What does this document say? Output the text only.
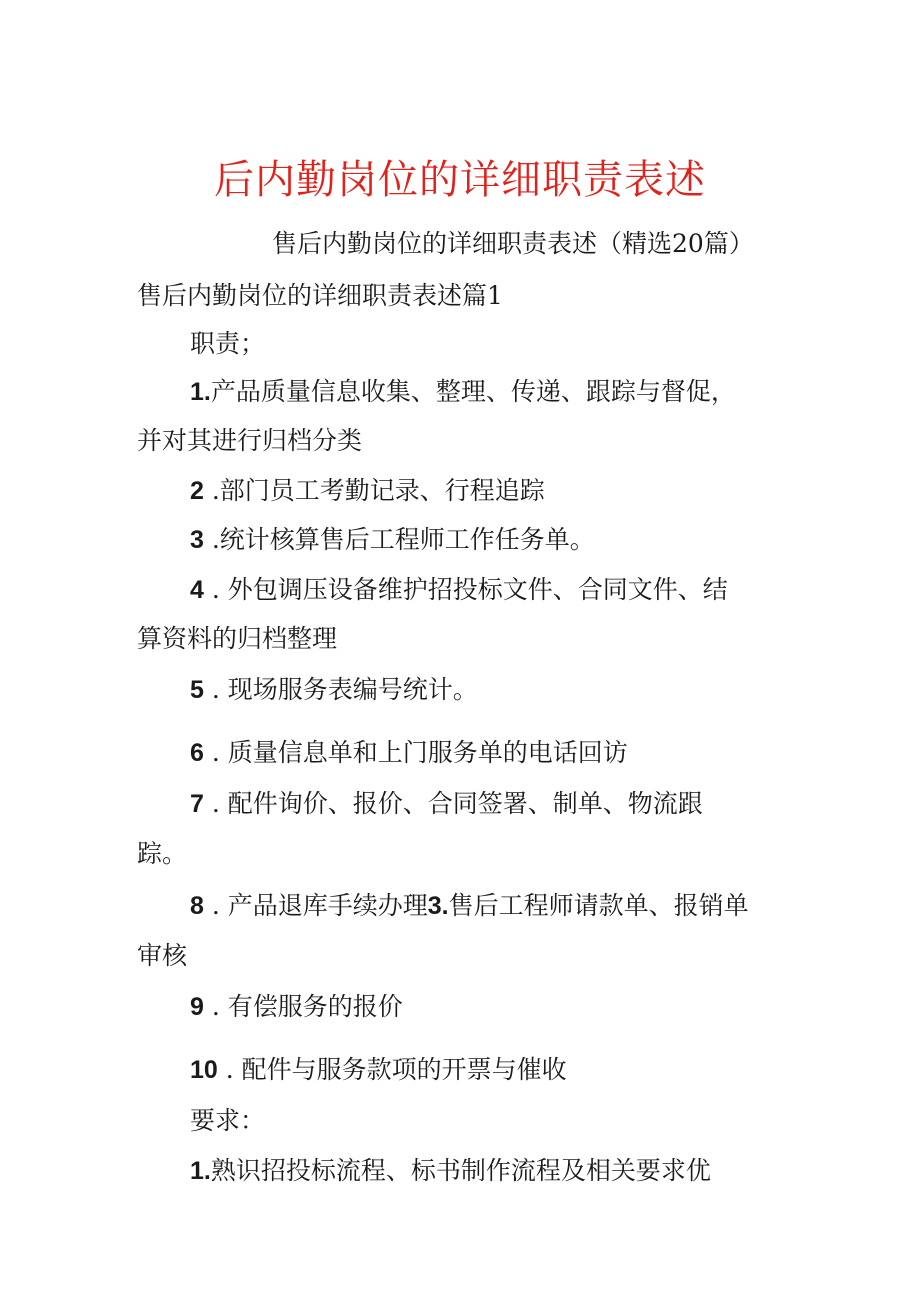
后内勤岗位的详细职责表述
售后内勤岗位的详细职责表述（精选20篇）
售后内勤岗位的详细职责表述篇1
职责；
1.产品质量信息收集、整理、传递、跟踪与督促，
并对其进行归档分类
2 .部门员工考勤记录、行程追踪
3 .统计核算售后工程师工作任务单。
4 . 外包调压设备维护招投标文件、合同文件、结
算资料的归档整理
5 . 现场服务表编号统计。
6 . 质量信息单和上门服务单的电话回访
7 . 配件询价、报价、合同签署、制单、物流跟
踪。
8 . 产品退库手续办理3.售后工程师请款单、报销单
审核
9 . 有偿服务的报价
10 . 配件与服务款项的开票与催收
要求：
1.熟识招投标流程、标书制作流程及相关要求优
